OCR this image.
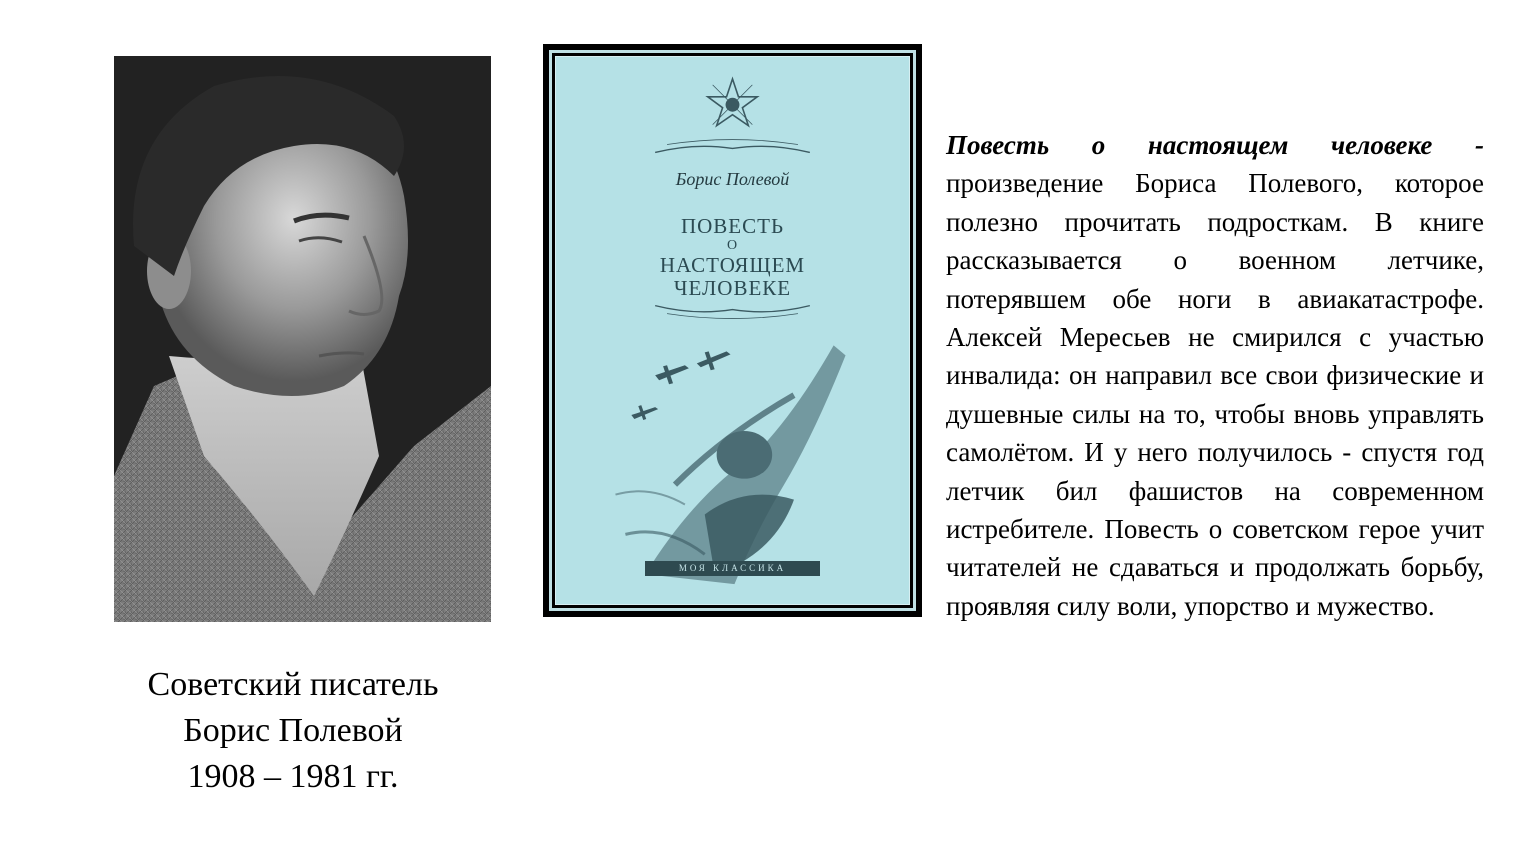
Советский писатель
Борис Полевой
1908 – 1981 гг.
Борис Полевой
ПОВЕСТЬ
О
НАСТОЯЩЕМ
ЧЕЛОВЕКЕ
МОЯ КЛАССИКА
Повесть о настоящем человеке - произведение Бориса Полевого, которое полезно прочитать подросткам. В книге рассказывается о военном летчике, потерявшем обе ноги в авиакатастрофе. Алексей Мересьев не смирился с участью инвалида: он направил все свои физические и душевные силы на то, чтобы вновь управлять самолётом. И у него получилось - спустя год летчик бил фашистов на современном истребителе. Повесть о советском герое учит читателей не сдаваться и продолжать борьбу, проявляя силу воли, упорство и мужество.
